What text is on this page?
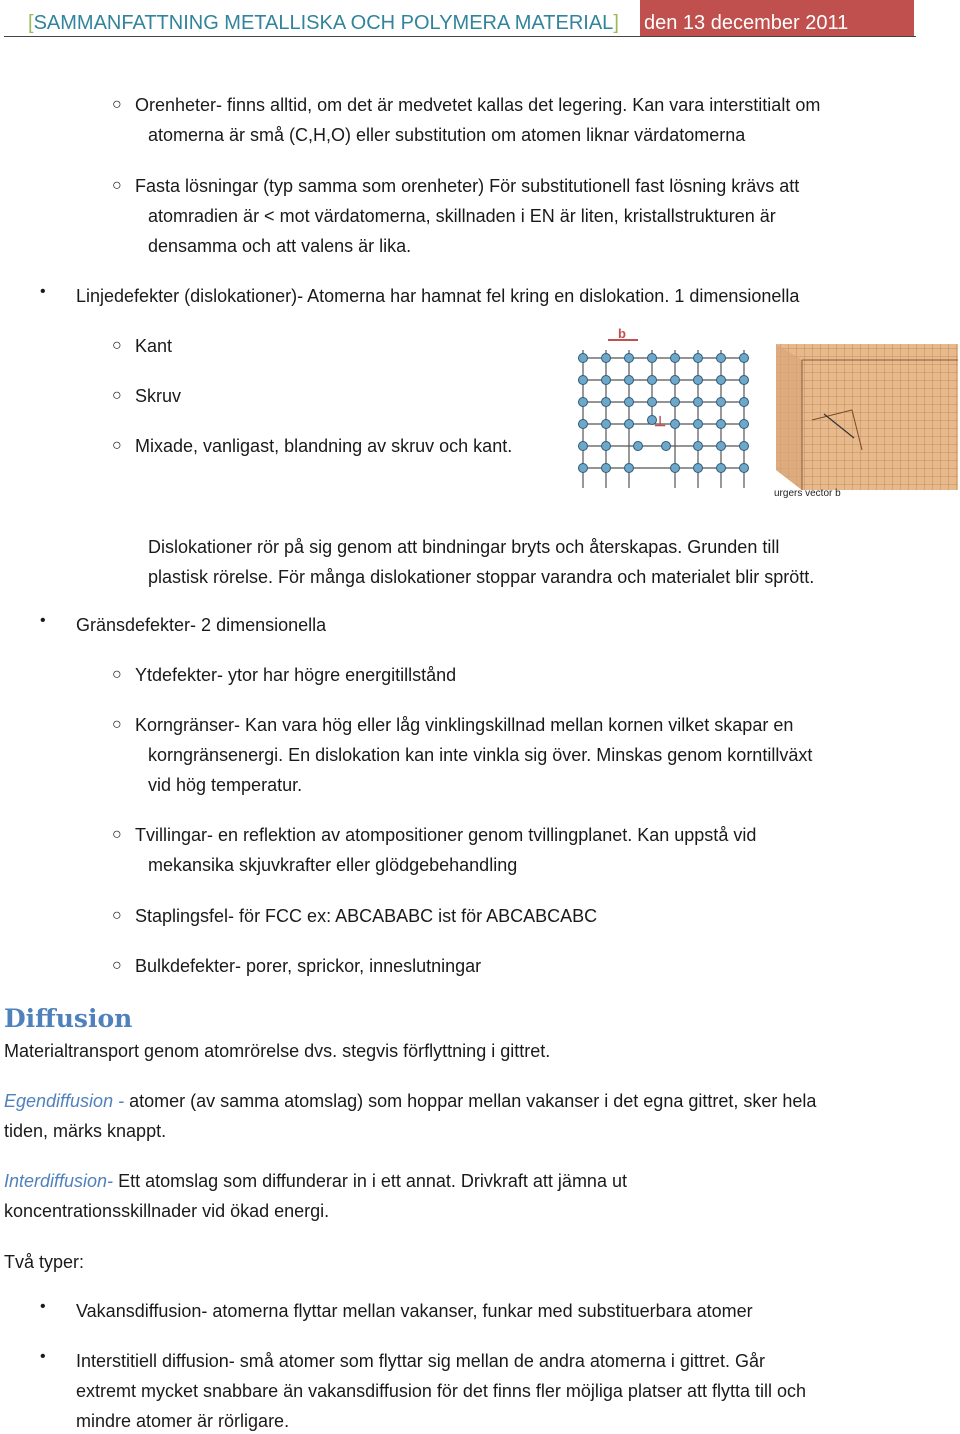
[SAMMANFATTNING METALLISKA OCH POLYMERA MATERIAL] den 13 december 2011
○ Orenheter- finns alltid, om det är medvetet kallas det legering. Kan vara interstitialt om
atomerna är små (C,H,O) eller substitution om atomen liknar värdatomerna
○ Fasta lösningar (typ samma som orenheter) För substitutionell fast lösning krävs att
atomradien är < mot värdatomerna, skillnaden i EN är liten, kristallstrukturen är
densamma och att valens är lika.
• Linjedefekter (dislokationer)- Atomerna har hamnat fel kring en dislokation. 1 dimensionella
○ Kant
○ Skruv
○ Mixade, vanligast, blandning av skruv och kant.
b
⊥
urgers vector b
Dislokationer rör på sig genom att bindningar bryts och återskapas. Grunden till
plastisk rörelse. För många dislokationer stoppar varandra och materialet blir sprött.
• Gränsdefekter- 2 dimensionella
○ Ytdefekter- ytor har högre energitillstånd
○ Korngränser- Kan vara hög eller låg vinklingskillnad mellan kornen vilket skapar en
korngränsenergi. En dislokation kan inte vinkla sig över. Minskas genom korntillväxt
vid hög temperatur.
○ Tvillingar- en reflektion av atompositioner genom tvillingplanet. Kan uppstå vid
mekansika skjuvkrafter eller glödgebehandling
○ Staplingsfel- för FCC ex: ABCABABC ist för ABCABCABC
○ Bulkdefekter- porer, sprickor, inneslutningar
Diffusion
Materialtransport genom atomrörelse dvs. stegvis förflyttning i gittret.
Egendiffusion - atomer (av samma atomslag) som hoppar mellan vakanser i det egna gittret, sker hela
tiden, märks knappt.
Interdiffusion- Ett atomslag som diffunderar in i ett annat. Drivkraft att jämna ut
koncentrationsskillnader vid ökad energi.
Två typer:
• Vakansdiffusion- atomerna flyttar mellan vakanser, funkar med substituerbara atomer
• Interstitiell diffusion- små atomer som flyttar sig mellan de andra atomerna i gittret. Går
extremt mycket snabbare än vakansdiffusion för det finns fler möjliga platser att flytta till och
mindre atomer är rörligare.
